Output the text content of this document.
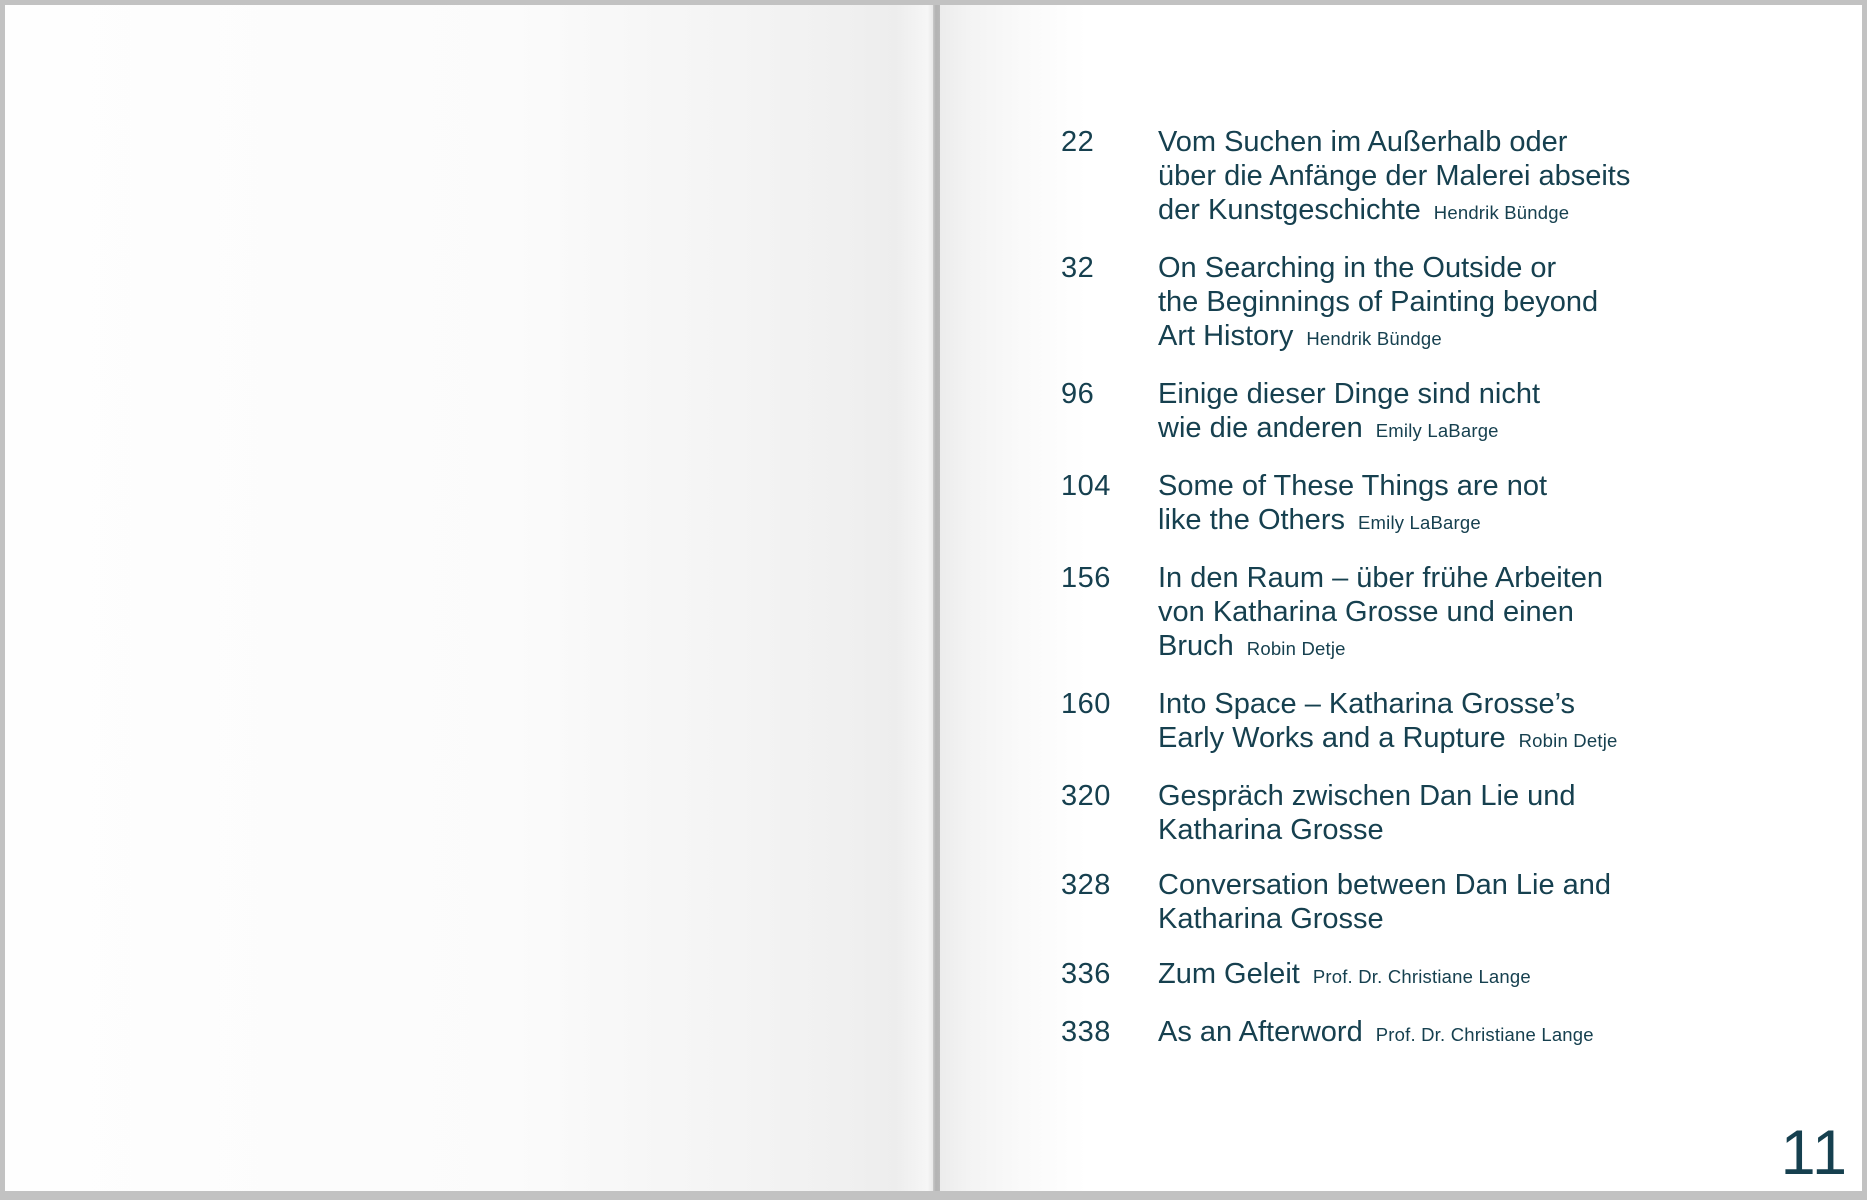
22	Vom Suchen im Außerhalb oder
über die Anfänge der Malerei abseits
der Kunstgeschichte Hendrik Bündge
32	On Searching in the Outside or
the Beginnings of Painting beyond
Art History Hendrik Bündge
96	Einige dieser Dinge sind nicht
wie die anderen Emily LaBarge
104	Some of These Things are not
like the Others Emily LaBarge
156	In den Raum – über frühe Arbeiten
von Katharina Grosse und einen
Bruch Robin Detje
160	Into Space – Katharina Grosse’s
Early Works and a Rupture Robin Detje
320	Gespräch zwischen Dan Lie und
Katharina Grosse
328	Conversation between Dan Lie and
Katharina Grosse
336	Zum Geleit Prof. Dr. Christiane Lange
338	As an Afterword Prof. Dr. Christiane Lange
11
